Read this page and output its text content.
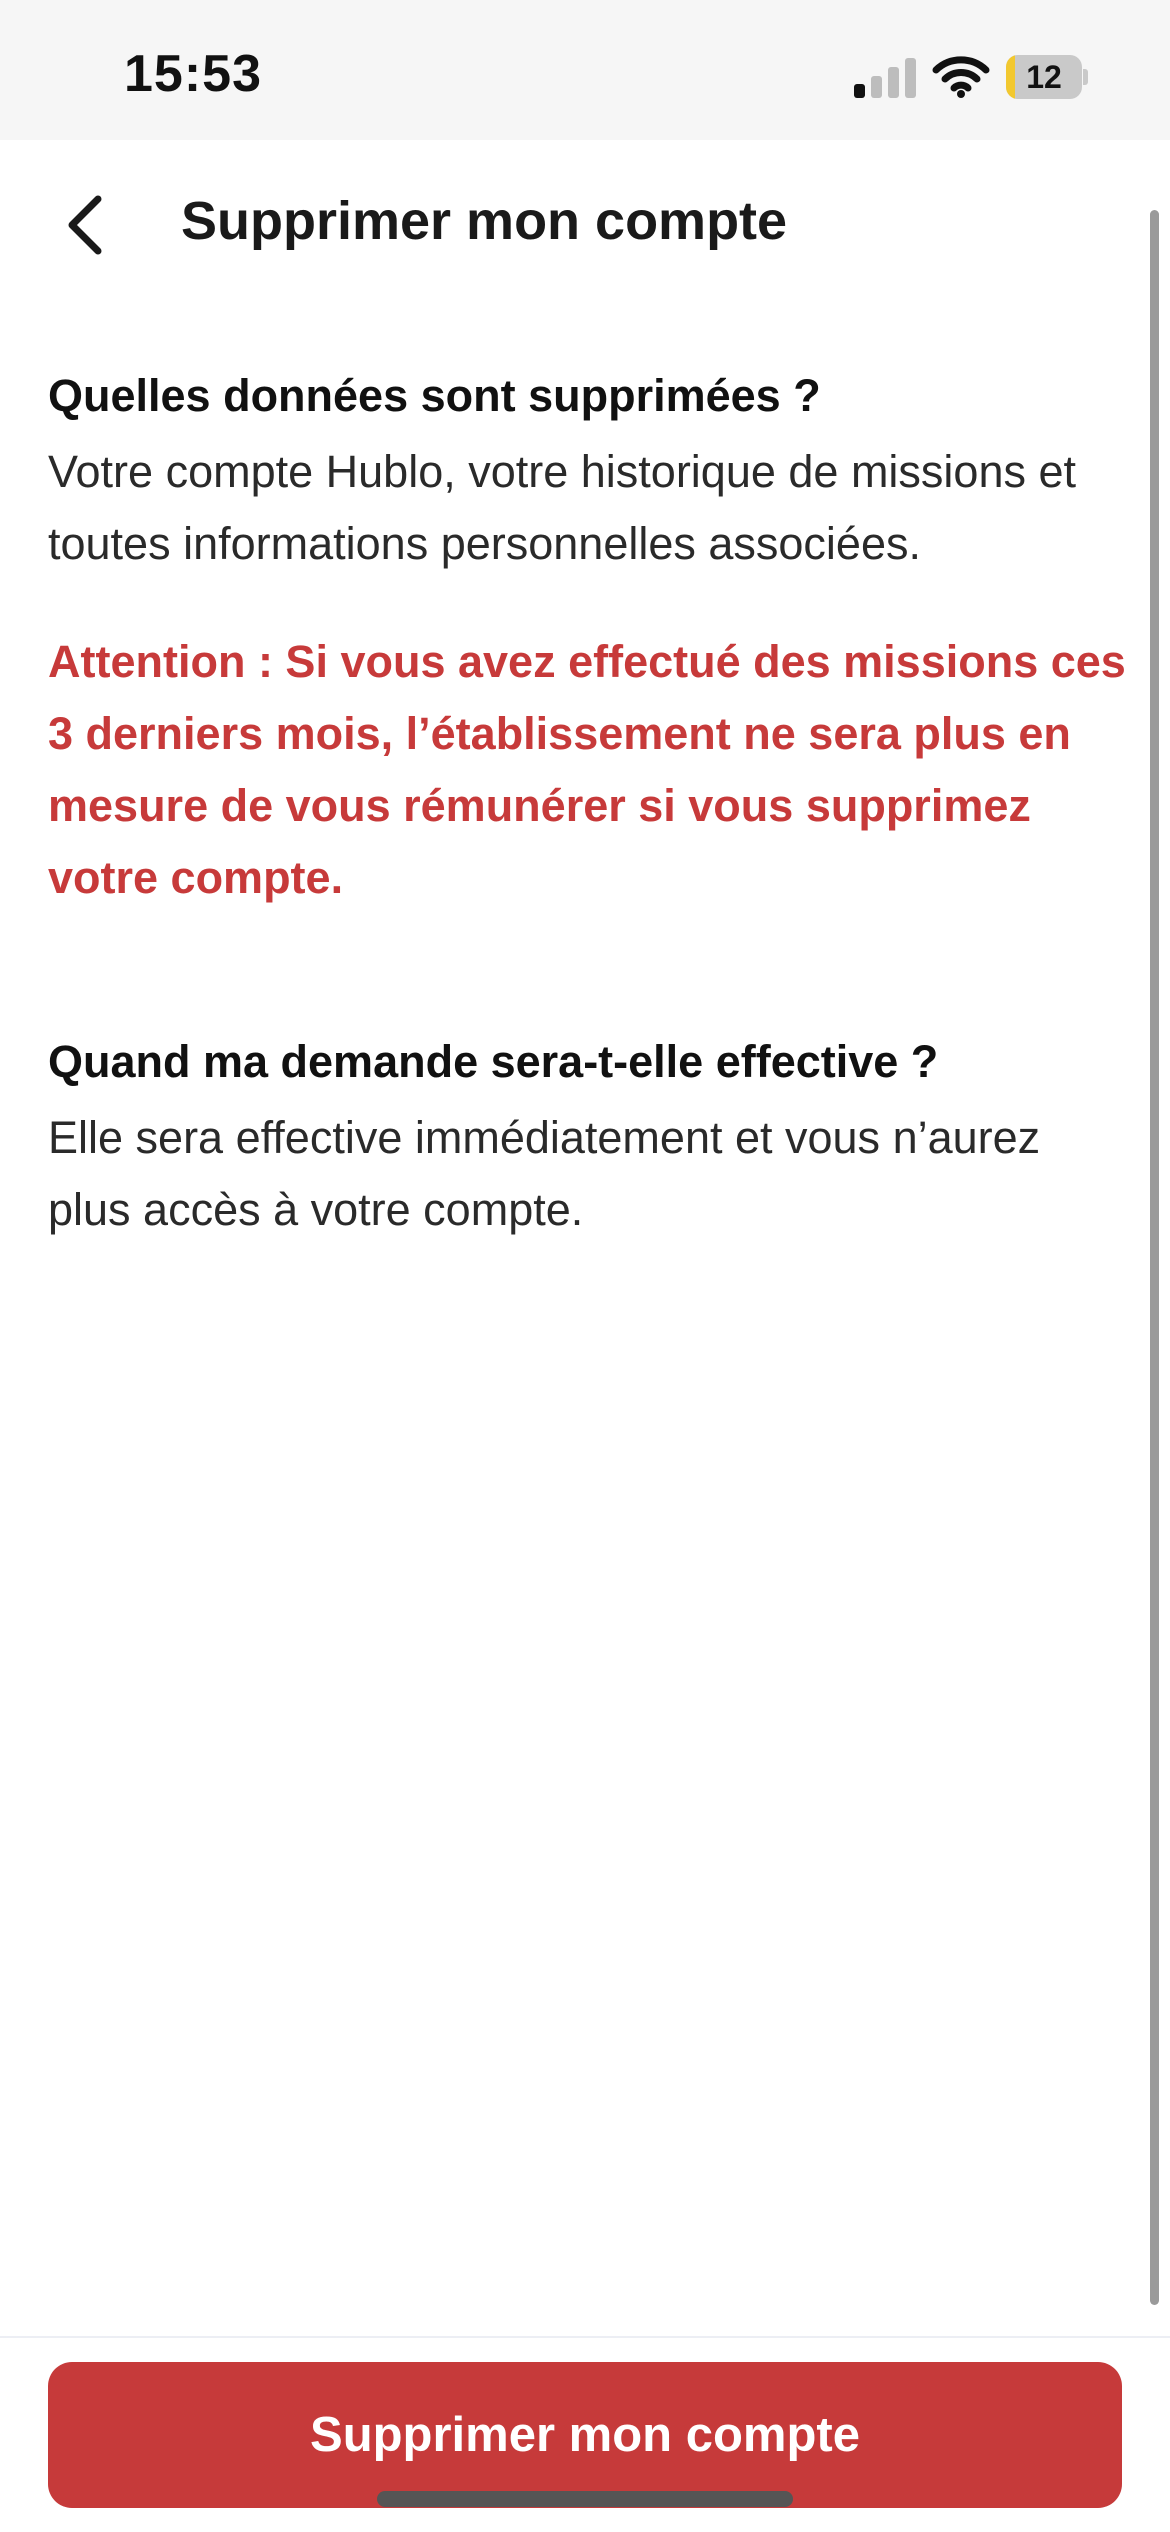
15:53	12
Supprimer mon compte

Quelles données sont supprimées ?

Votre compte Hublo, votre historique de missions et toutes informations personnelles associées.

Attention : Si vous avez effectué des missions ces 3 derniers mois, l’établissement ne sera plus en mesure de vous rémunérer si vous supprimez votre compte.

Quand ma demande sera-t-elle effective ?

Elle sera effective immédiatement et vous n’aurez plus accès à votre compte.

Supprimer mon compte
